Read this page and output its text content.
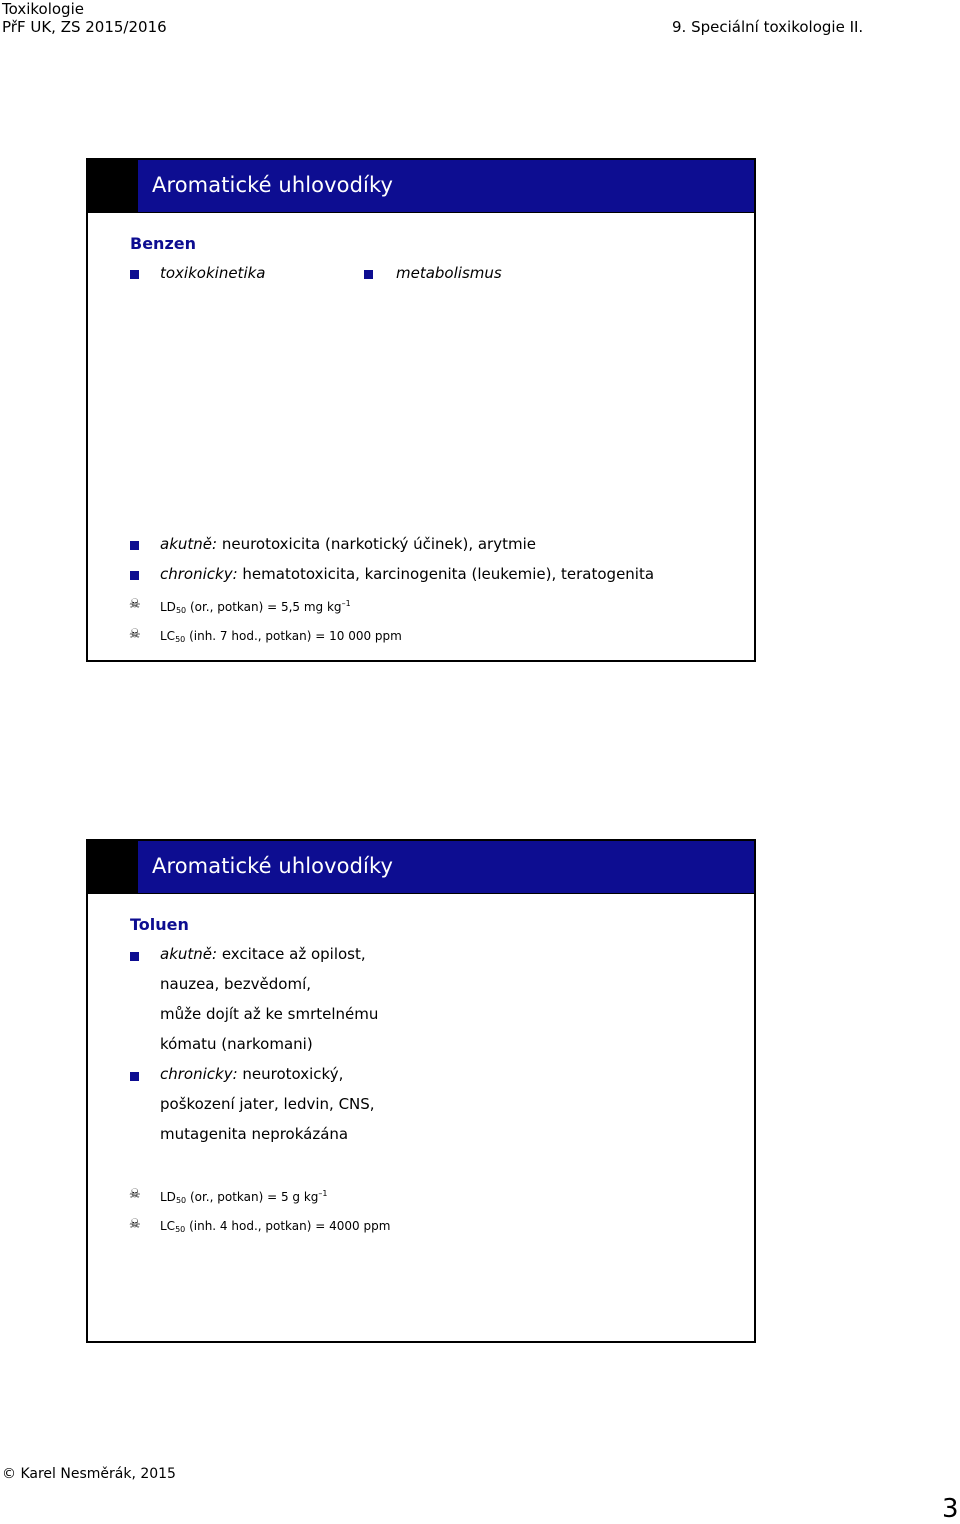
Toxikologie
PřF UK, ZS 2015/2016	9. Speciální toxikologie II.
Aromatické uhlovodíky
Benzen
toxikokinetika	metabolismus
akutně: neurotoxicita (narkotický účinek), arytmie
chronicky: hematotoxicita, karcinogenita (leukemie), teratogenita
☠ $LD_{50}$ (or., potkan) = 5,5 mg $kg^{-1}$
☠ $LC_{50}$ (inh. 7 hod., potkan) = 10 000 ppm
Aromatické uhlovodíky
Toluen
akutně: excitace až opilost,
nauzea, bezvědomí,
může dojít až ke smrtelnému
kómatu (narkomani)
chronicky: neurotoxický,
poškození jater, ledvin, CNS,
mutagenita neprokázána
☠ $LD_{50}$ (or., potkan) = 5 g $kg^{-1}$
☠ $LC_{50}$ (inh. 4 hod., potkan) = 4000 ppm
© Karel Nesměrák, 2015
3
